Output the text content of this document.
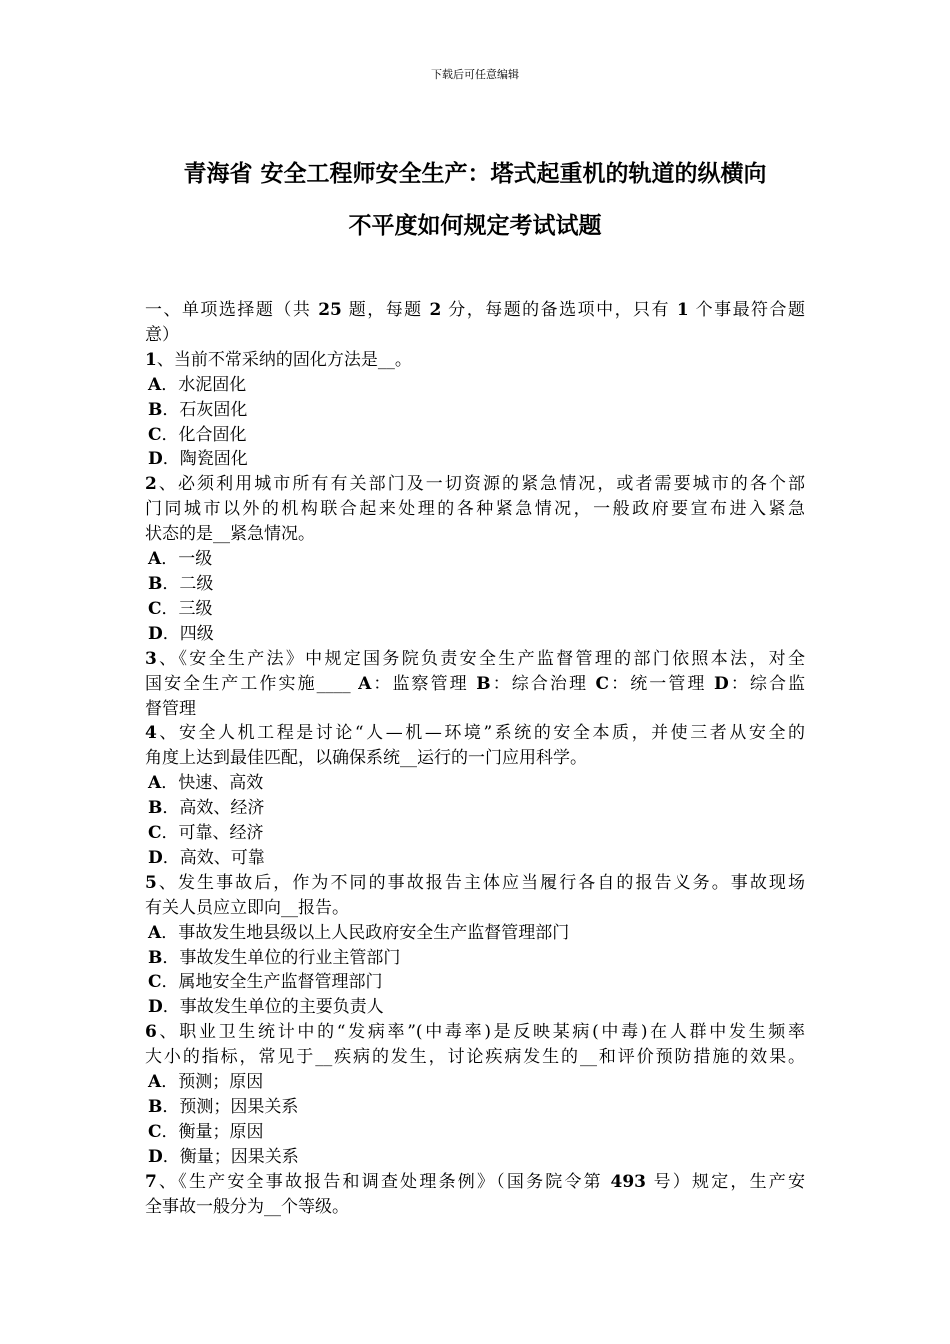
下载后可任意编辑
青海省 安全工程师安全生产：塔式起重机的轨道的纵横向
不平度如何规定考试试题
一、单项选择题（共 25 题，每题 2 分，每题的备选项中，只有 1 个事最符合题
意）
1、当前不常采纳的固化方法是__。
A．水泥固化
B．石灰固化
C．化合固化
D．陶瓷固化
2、必须利用城市所有有关部门及一切资源的紧急情况，或者需要城市的各个部
门同城市以外的机构联合起来处理的各种紧急情况，一般政府要宣布进入紧急
状态的是__紧急情况。
A．一级
B．二级
C．三级
D．四级
3、《安全生产法》中规定国务院负责安全生产监督管理的部门依照本法，对全
国安全生产工作实施____ A：监察管理 B：综合治理 C：统一管理 D：综合监
督管理
4、安全人机工程是讨论“人—机—环境”系统的安全本质，并使三者从安全的
角度上达到最佳匹配，以确保系统__运行的一门应用科学。
A．快速、高效
B．高效、经济
C．可靠、经济
D．高效、可靠
5、发生事故后，作为不同的事故报告主体应当履行各自的报告义务。事故现场
有关人员应立即向__报告。
A．事故发生地县级以上人民政府安全生产监督管理部门
B．事故发生单位的行业主管部门
C．属地安全生产监督管理部门
D．事故发生单位的主要负责人
6、职业卫生统计中的“发病率”(中毒率)是反映某病(中毒)在人群中发生频率
大小的指标，常见于__疾病的发生，讨论疾病发生的__和评价预防措施的效果。
A．预测；原因
B．预测；因果关系
C．衡量；原因
D．衡量；因果关系
7、《生产安全事故报告和调查处理条例》（国务院令第 493 号）规定，生产安
全事故一般分为__个等级。
